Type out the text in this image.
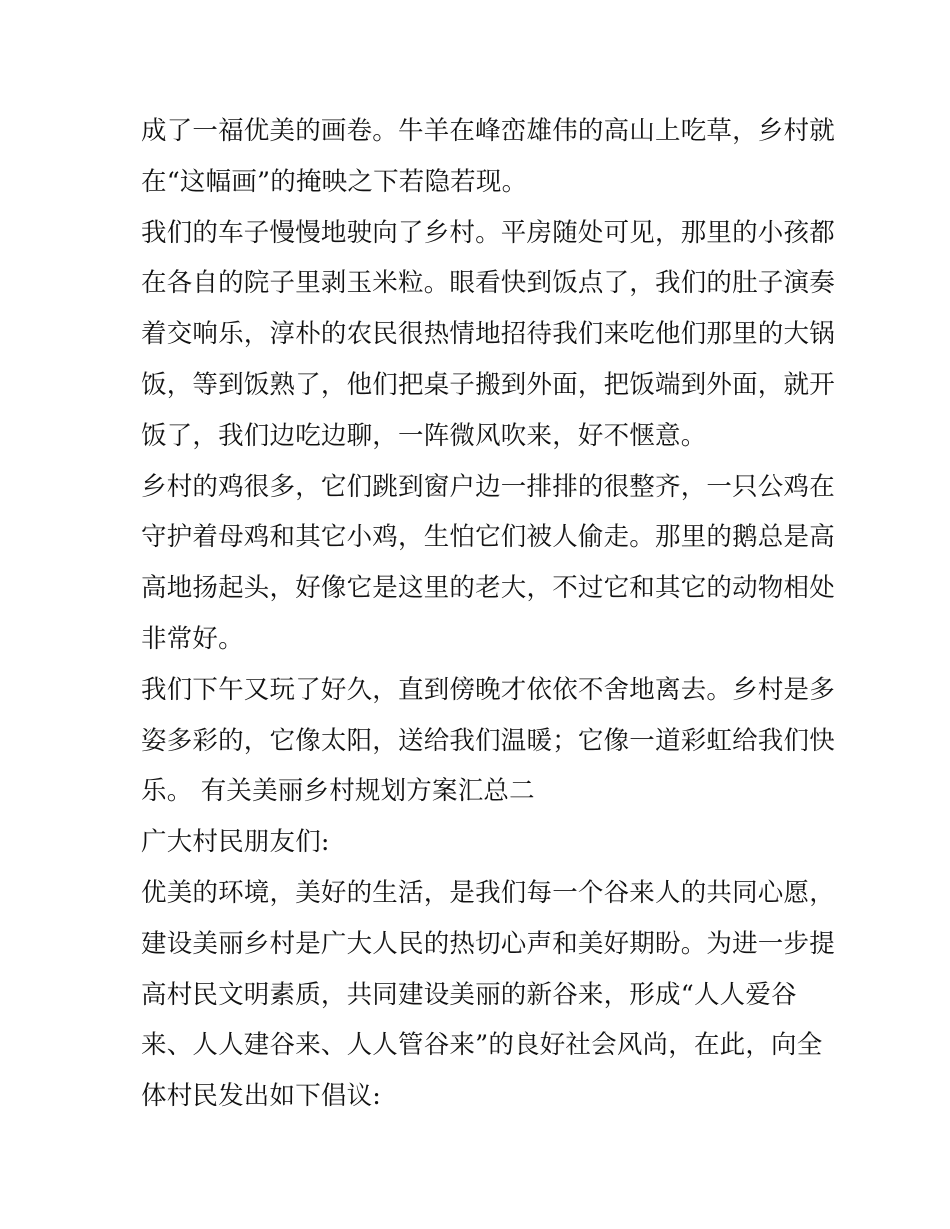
成了一福优美的画卷。牛羊在峰峦雄伟的高山上吃草，乡村就
在“这幅画”的掩映之下若隐若现。
我们的车子慢慢地驶向了乡村。平房随处可见，那里的小孩都
在各自的院子里剥玉米粒。眼看快到饭点了，我们的肚子演奏
着交响乐，淳朴的农民很热情地招待我们来吃他们那里的大锅
饭，等到饭熟了，他们把桌子搬到外面，把饭端到外面，就开
饭了，我们边吃边聊，一阵微风吹来，好不惬意。
乡村的鸡很多，它们跳到窗户边一排排的很整齐，一只公鸡在
守护着母鸡和其它小鸡，生怕它们被人偷走。那里的鹅总是高
高地扬起头，好像它是这里的老大，不过它和其它的动物相处
非常好。
我们下午又玩了好久，直到傍晚才依依不舍地离去。乡村是多
姿多彩的，它像太阳，送给我们温暖；它像一道彩虹给我们快
乐。 有关美丽乡村规划方案汇总二
广大村民朋友们:
优美的环境，美好的生活，是我们每一个谷来人的共同心愿，
建设美丽乡村是广大人民的热切心声和美好期盼。为进一步提
高村民文明素质，共同建设美丽的新谷来，形成“人人爱谷
来、人人建谷来、人人管谷来”的良好社会风尚，在此，向全
体村民发出如下倡议:
